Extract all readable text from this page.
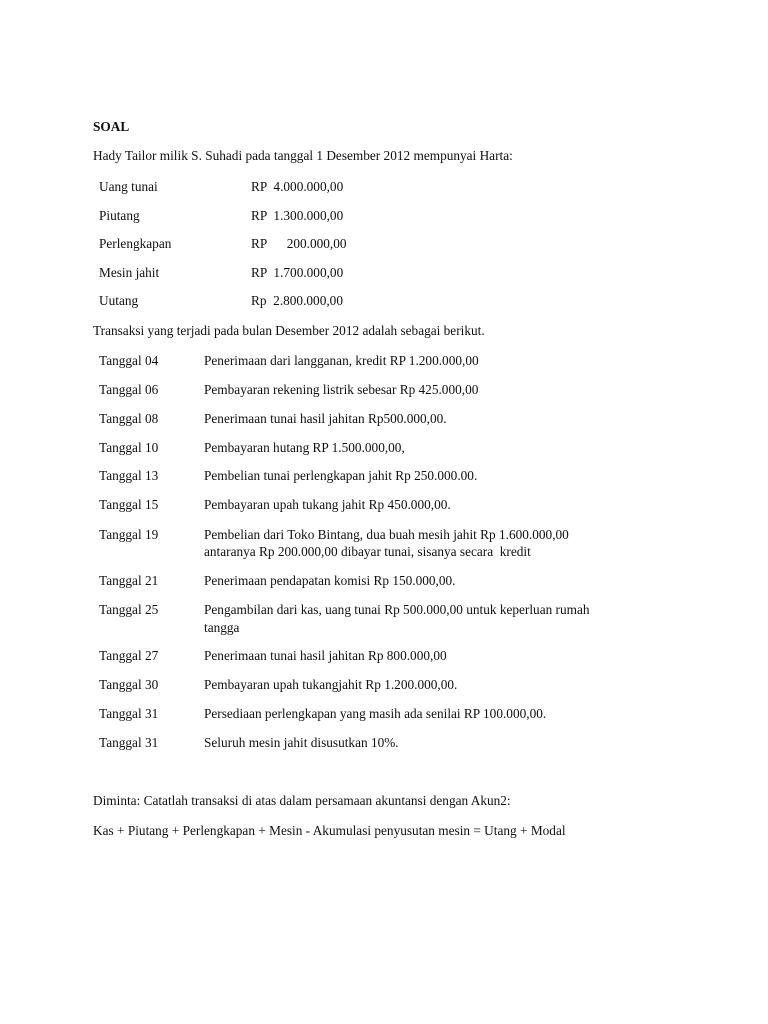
SOAL
Hady Tailor milik S. Suhadi pada tanggal 1 Desember 2012 mempunyai Harta:
Uang tunai	RP  4.000.000,00
Piutang	RP  1.300.000,00
Perlengkapan	RP      200.000,00
Mesin jahit	RP  1.700.000,00
Uutang	Rp  2.800.000,00
Transaksi yang terjadi pada bulan Desember 2012 adalah sebagai berikut.
Tanggal 04	Penerimaan dari langganan, kredit RP 1.200.000,00
Tanggal 06	Pembayaran rekening listrik sebesar Rp 425.000,00
Tanggal 08	Penerimaan tunai hasil jahitan Rp500.000,00.
Tanggal 10	Pembayaran hutang RP 1.500.000,00,
Tanggal 13	Pembelian tunai perlengkapan jahit Rp 250.000.00.
Tanggal 15	Pembayaran upah tukang jahit Rp 450.000,00.
Tanggal 19	Pembelian dari Toko Bintang, dua buah mesih jahit Rp 1.600.000,00
antaranya Rp 200.000,00 dibayar tunai, sisanya secara  kredit
Tanggal 21	Penerimaan pendapatan komisi Rp 150.000,00.
Tanggal 25	Pengambilan dari kas, uang tunai Rp 500.000,00 untuk keperluan rumah
tangga
Tanggal 27	Penerimaan tunai hasil jahitan Rp 800.000,00
Tanggal 30	Pembayaran upah tukangjahit Rp 1.200.000,00.
Tanggal 31	Persediaan perlengkapan yang masih ada senilai RP 100.000,00.
Tanggal 31	Seluruh mesin jahit disusutkan 10%.
Diminta: Catatlah transaksi di atas dalam persamaan akuntansi dengan Akun2:
Kas + Piutang + Perlengkapan + Mesin - Akumulasi penyusutan mesin = Utang + Modal
